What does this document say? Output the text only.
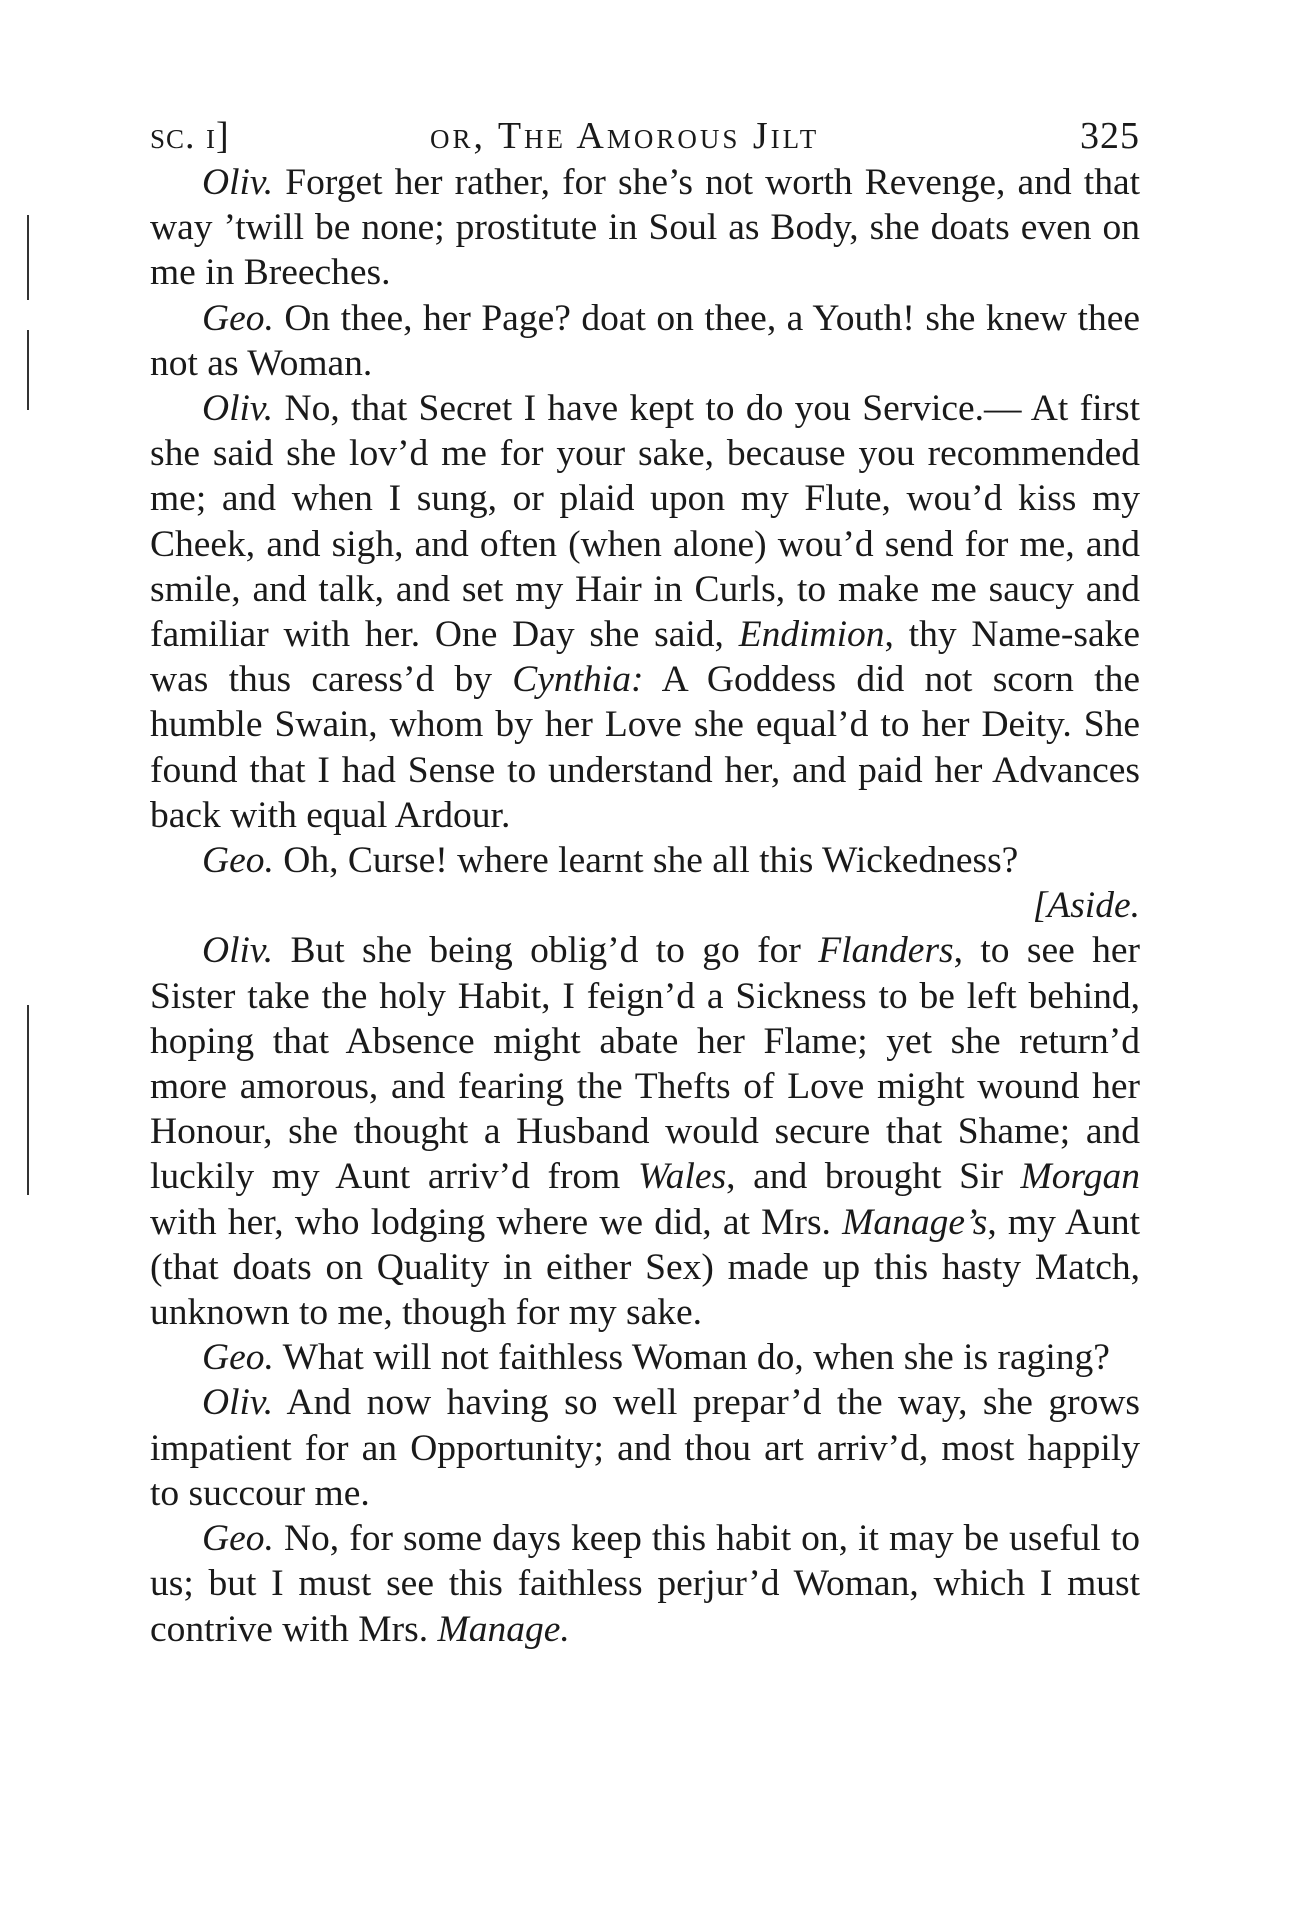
sc. i]	or, The Amorous Jilt	325

Oliv. Forget her rather, for she’s not worth Revenge, and that way ’twill be none; prostitute in Soul as Body, she doats even on me in Breeches.

Geo. On thee, her Page? doat on thee, a Youth! she knew thee not as Woman.

Oliv. No, that Secret I have kept to do you Service.— At first she said she lov’d me for your sake, because you recommended me; and when I sung, or plaid upon my Flute, wou’d kiss my Cheek, and sigh, and often (when alone) wou’d send for me, and smile, and talk, and set my Hair in Curls, to make me saucy and familiar with her. One Day she said, Endimion, thy Name-sake was thus caress’d by Cynthia: A Goddess did not scorn the humble Swain, whom by her Love she equal’d to her Deity. She found that I had Sense to understand her, and paid her Advances back with equal Ardour.

Geo. Oh, Curse! where learnt she all this Wickedness?

[Aside.

Oliv. But she being oblig’d to go for Flanders, to see her Sister take the holy Habit, I feign’d a Sickness to be left behind, hoping that Absence might abate her Flame; yet she return’d more amorous, and fearing the Thefts of Love might wound her Honour, she thought a Husband would secure that Shame; and luckily my Aunt arriv’d from Wales, and brought Sir Morgan with her, who lodging where we did, at Mrs. Manage’s, my Aunt (that doats on Quality in either Sex) made up this hasty Match, unknown to me, though for my sake.

Geo. What will not faithless Woman do, when she is raging?

Oliv. And now having so well prepar’d the way, she grows impatient for an Opportunity; and thou art arriv’d, most happily to succour me.

Geo. No, for some days keep this habit on, it may be useful to us; but I must see this faithless perjur’d Woman, which I must contrive with Mrs. Manage.
